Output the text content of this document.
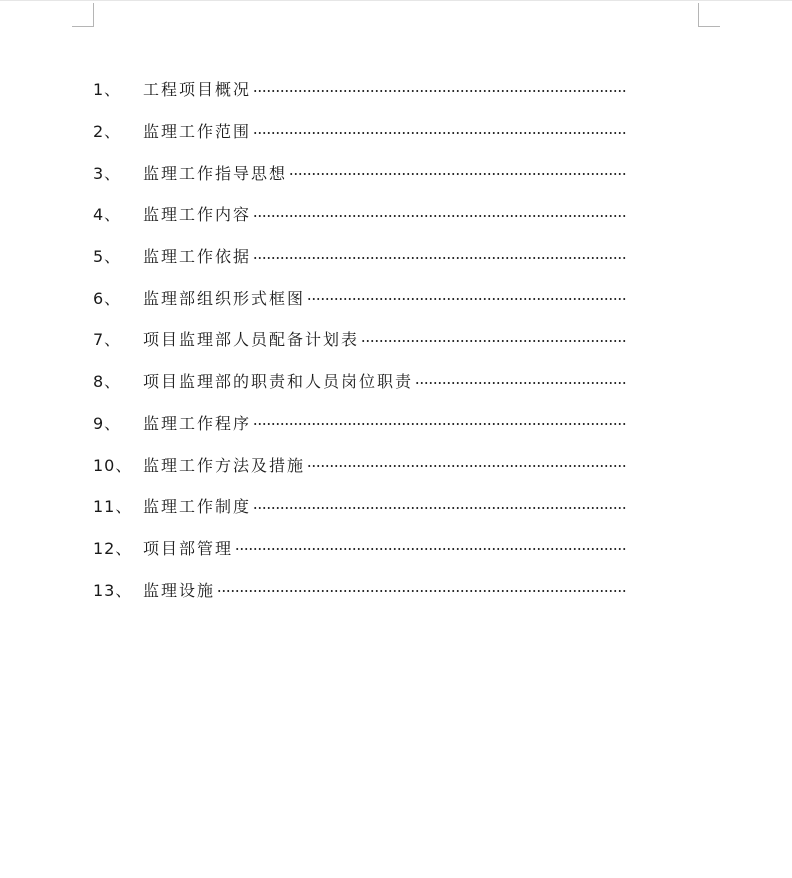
1、	工程项目概况
2、	监理工作范围
3、	监理工作指导思想
4、	监理工作内容
5、	监理工作依据
6、	监理部组织形式框图
7、	项目监理部人员配备计划表
8、	项目监理部的职责和人员岗位职责
9、	监理工作程序
10、 监理工作方法及措施
11、 监理工作制度
12、 项目部管理
13、 监理设施
